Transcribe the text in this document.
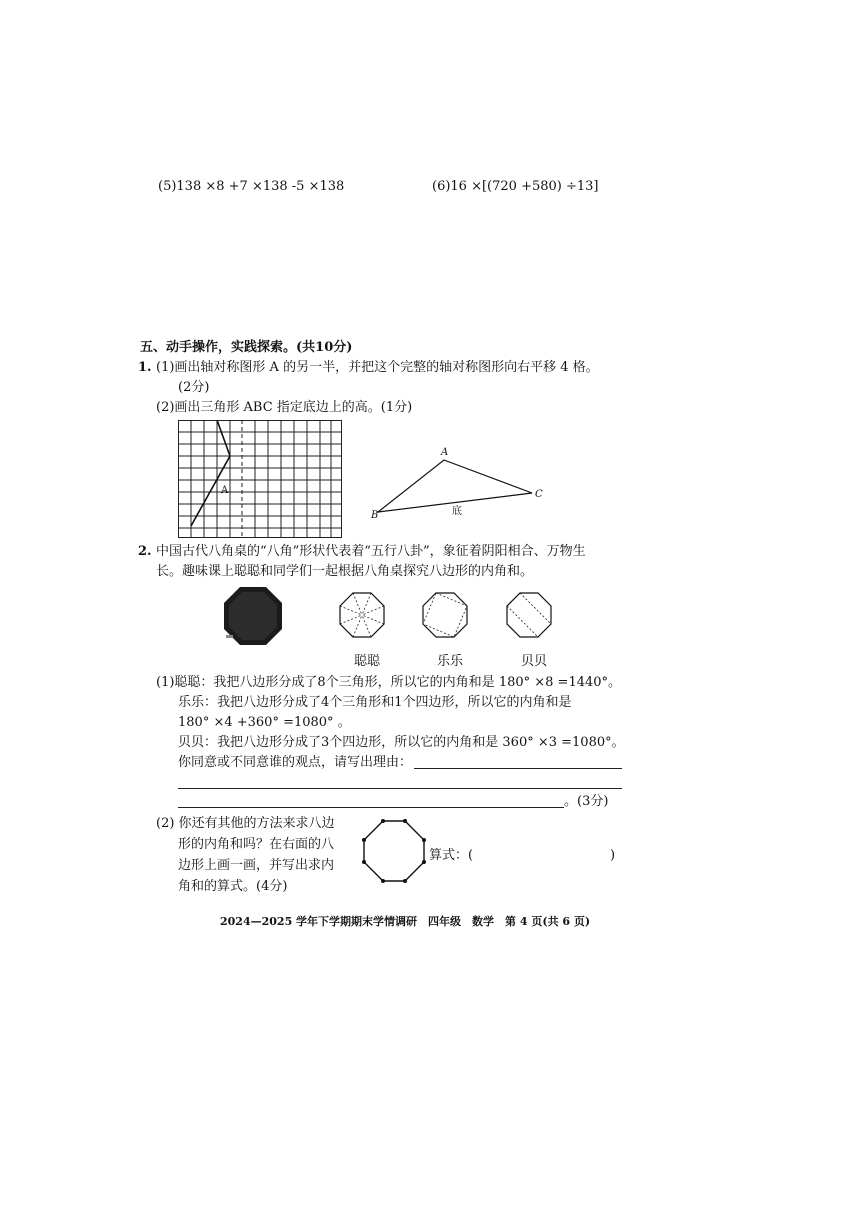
(5)138 ×8 +7 ×138 -5 ×138	(6)16 ×[(720 +580) ÷13]
五、动手操作，实践探索。(共10分)
1. (1)画出轴对称图形 A 的另一半，并把这个完整的轴对称图形向右平移 4 格。
(2分)
(2)画出三角形 ABC 指定底边上的高。(1分)
A
A
B
C
底
2. 中国古代八角桌的“八角”形状代表着“五行八卦”，象征着阴阳相合、万物生
长。趣味课上聪聪和同学们一起根据八角桌探究八边形的内角和。
聪聪	乐乐	贝贝
(1)聪聪：我把八边形分成了8个三角形，所以它的内角和是 180° ×8 =1440°。
乐乐：我把八边形分成了4个三角形和1个四边形，所以它的内角和是
180° ×4 +360° =1080° 。
贝贝：我把八边形分成了3个四边形，所以它的内角和是 360° ×3 =1080°。
你同意或不同意谁的观点，请写出理由：
。(3分)
(2) 你还有其他的方法来求八边
形的内角和吗？在右面的八
边形上画一画，并写出求内
角和的算式。(4分)
算式：(	)
2024—2025 学年下学期期末学情调研　四年级　数学　第 4 页(共 6 页)
